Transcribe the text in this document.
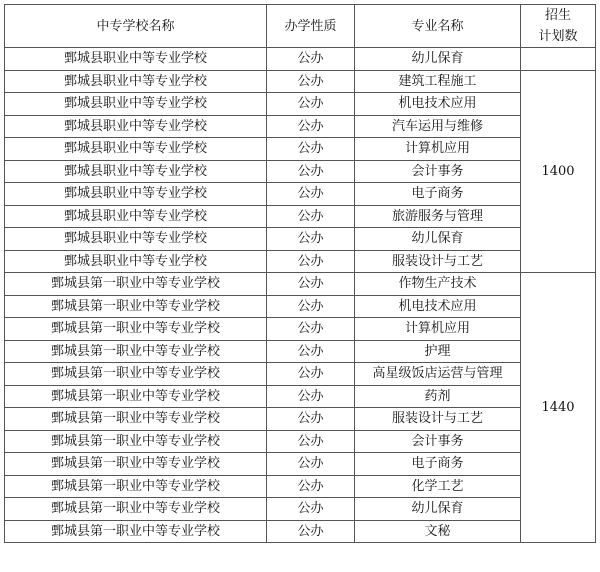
中专学校名称	办学性质	专业名称	招生
计划数

鄄城县职业中等专业学校	公办	幼儿保育	
鄄城县职业中等专业学校	公办	建筑工程施工	1400
鄄城县职业中等专业学校	公办	机电技术应用	
鄄城县职业中等专业学校	公办	汽车运用与维修	
鄄城县职业中等专业学校	公办	计算机应用	
鄄城县职业中等专业学校	公办	会计事务	
鄄城县职业中等专业学校	公办	电子商务	
鄄城县职业中等专业学校	公办	旅游服务与管理	
鄄城县职业中等专业学校	公办	幼儿保育	
鄄城县职业中等专业学校	公办	服装设计与工艺	
鄄城县第一职业中等专业学校	公办	作物生产技术	1440
鄄城县第一职业中等专业学校	公办	机电技术应用	
鄄城县第一职业中等专业学校	公办	计算机应用	
鄄城县第一职业中等专业学校	公办	护理	
鄄城县第一职业中等专业学校	公办	高星级饭店运营与管理	
鄄城县第一职业中等专业学校	公办	药剂	
鄄城县第一职业中等专业学校	公办	服装设计与工艺	
鄄城县第一职业中等专业学校	公办	会计事务	
鄄城县第一职业中等专业学校	公办	电子商务	
鄄城县第一职业中等专业学校	公办	化学工艺	
鄄城县第一职业中等专业学校	公办	幼儿保育	
鄄城县第一职业中等专业学校	公办	文秘	
